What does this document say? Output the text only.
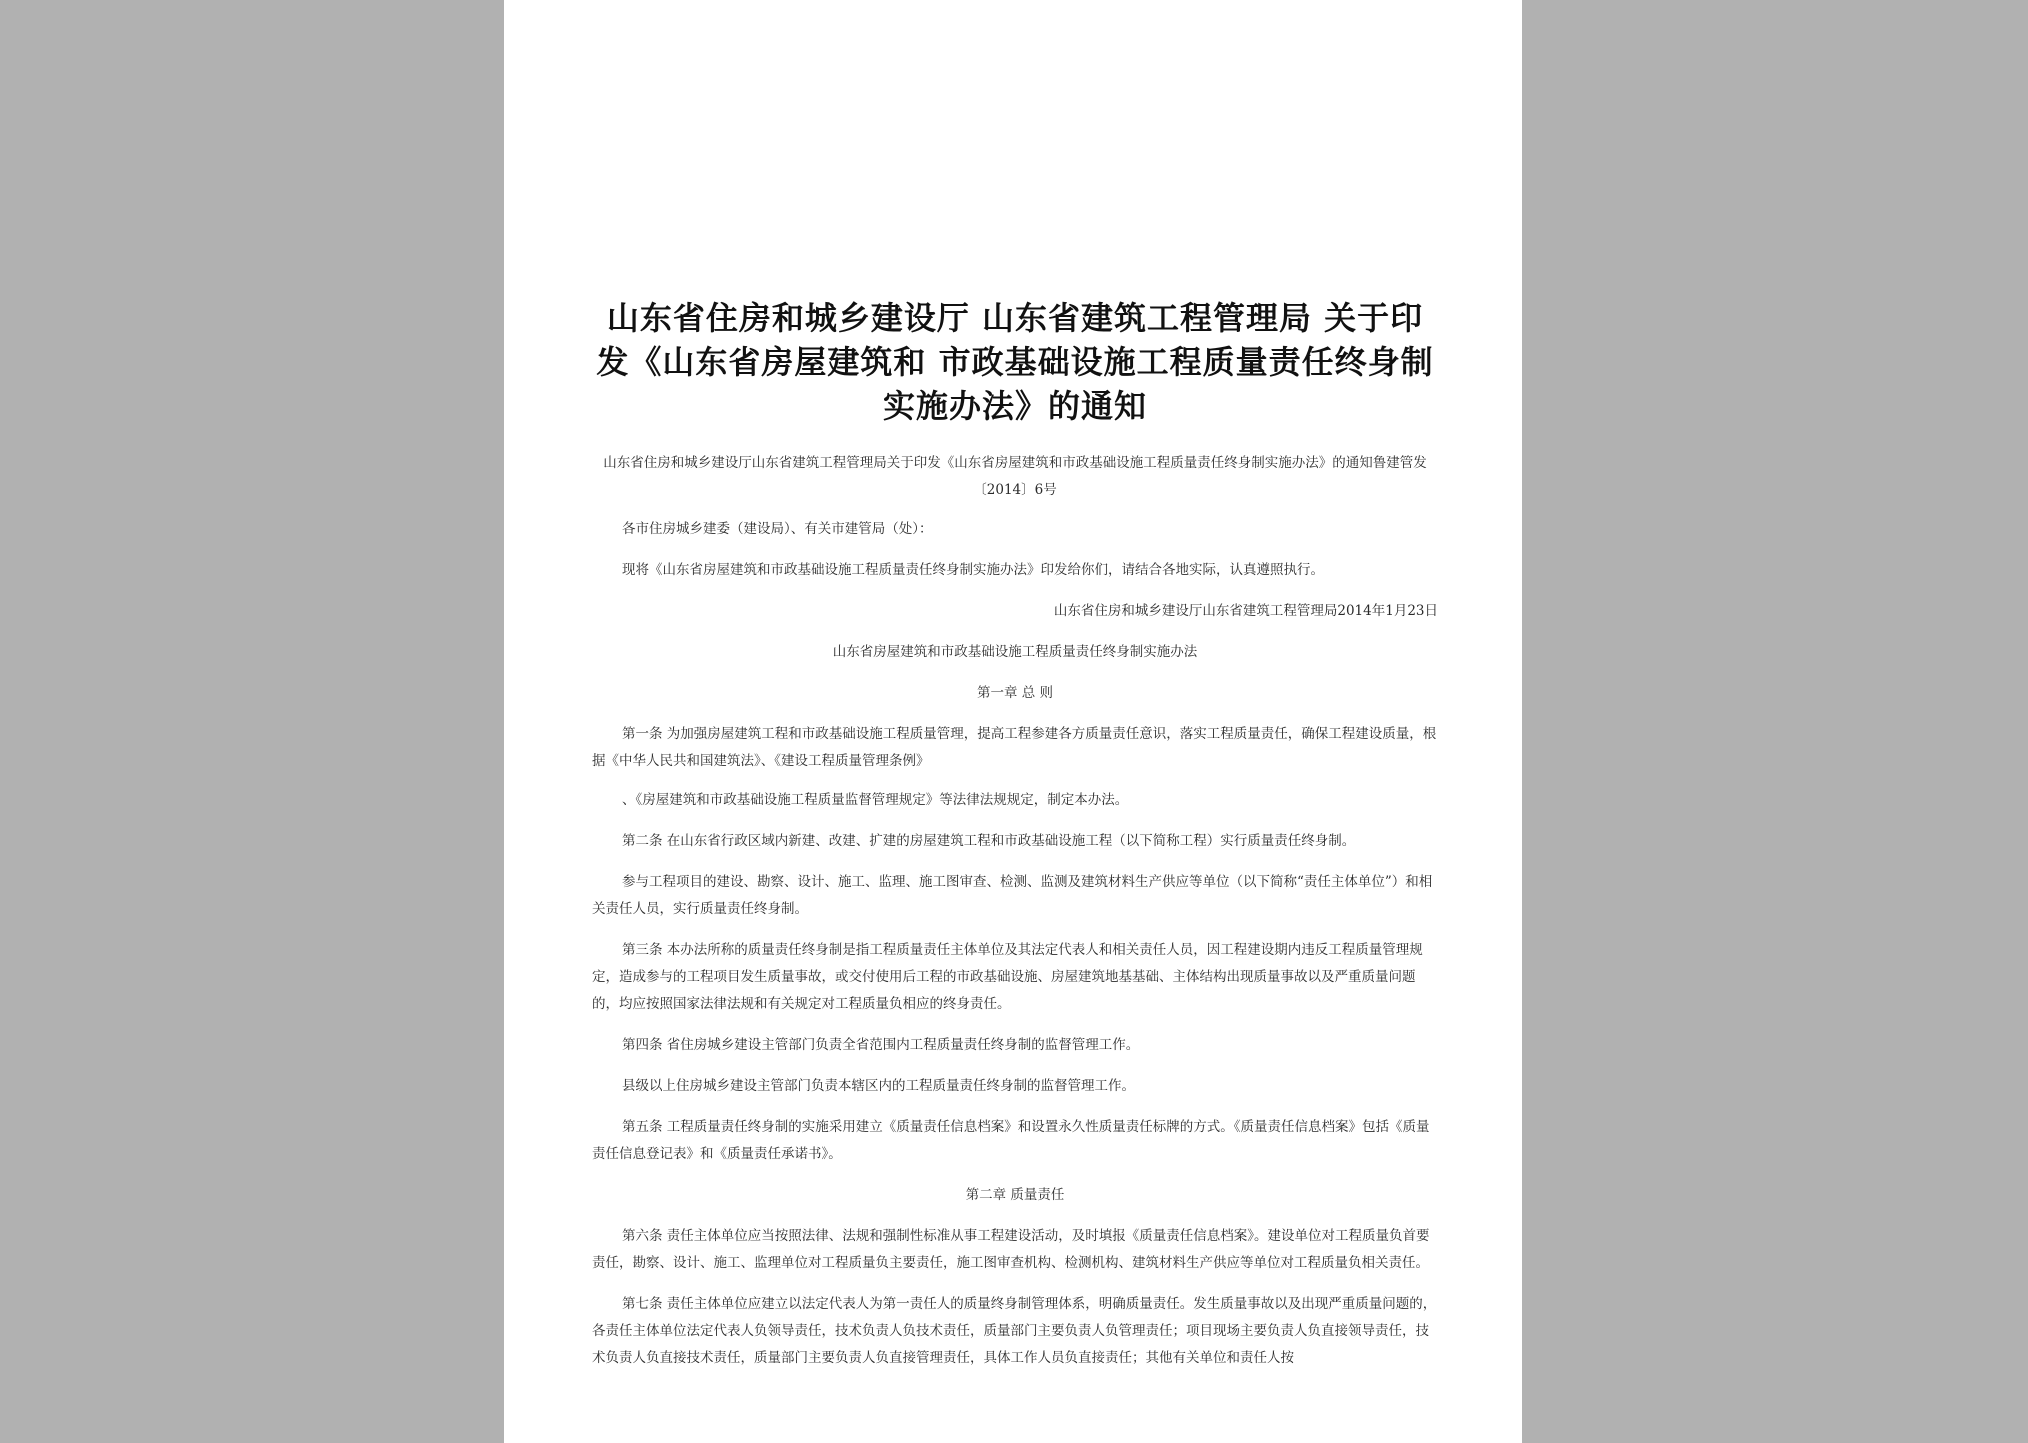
山东省住房和城乡建设厅 山东省建筑工程管理局 关于印发《山东省房屋建筑和 市政基础设施工程质量责任终身制 实施办法》的通知

山东省住房和城乡建设厅山东省建筑工程管理局关于印发《山东省房屋建筑和市政基础设施工程质量责任终身制实施办法》的通知鲁建管发〔2014〕6号

各市住房城乡建委（建设局）、有关市建管局（处）：

现将《山东省房屋建筑和市政基础设施工程质量责任终身制实施办法》印发给你们，请结合各地实际，认真遵照执行。

山东省住房和城乡建设厅山东省建筑工程管理局2014年1月23日

山东省房屋建筑和市政基础设施工程质量责任终身制实施办法

第一章 总 则

第一条 为加强房屋建筑工程和市政基础设施工程质量管理，提高工程参建各方质量责任意识，落实工程质量责任，确保工程建设质量，根据《中华人民共和国建筑法》、《建设工程质量管理条例》

、《房屋建筑和市政基础设施工程质量监督管理规定》等法律法规规定，制定本办法。

第二条 在山东省行政区域内新建、改建、扩建的房屋建筑工程和市政基础设施工程（以下简称工程）实行质量责任终身制。

参与工程项目的建设、勘察、设计、施工、监理、施工图审查、检测、监测及建筑材料生产供应等单位（以下简称“责任主体单位”）和相关责任人员，实行质量责任终身制。

第三条 本办法所称的质量责任终身制是指工程质量责任主体单位及其法定代表人和相关责任人员，因工程建设期内违反工程质量管理规定，造成参与的工程项目发生质量事故，或交付使用后工程的市政基础设施、房屋建筑地基基础、主体结构出现质量事故以及严重质量问题的，均应按照国家法律法规和有关规定对工程质量负相应的终身责任。

第四条 省住房城乡建设主管部门负责全省范围内工程质量责任终身制的监督管理工作。

县级以上住房城乡建设主管部门负责本辖区内的工程质量责任终身制的监督管理工作。

第五条 工程质量责任终身制的实施采用建立《质量责任信息档案》和设置永久性质量责任标牌的方式。《质量责任信息档案》包括《质量责任信息登记表》和《质量责任承诺书》。

第二章 质量责任

第六条 责任主体单位应当按照法律、法规和强制性标准从事工程建设活动，及时填报《质量责任信息档案》。建设单位对工程质量负首要责任，勘察、设计、施工、监理单位对工程质量负主要责任，施工图审查机构、检测机构、建筑材料生产供应等单位对工程质量负相关责任。

第七条 责任主体单位应建立以法定代表人为第一责任人的质量终身制管理体系，明确质量责任。发生质量事故以及出现严重质量问题的，各责任主体单位法定代表人负领导责任，技术负责人负技术责任，质量部门主要负责人负管理责任；项目现场主要负责人负直接领导责任，技术负责人负直接技术责任，质量部门主要负责人负直接管理责任，具体工作人员负直接责任；其他有关单位和责任人按
